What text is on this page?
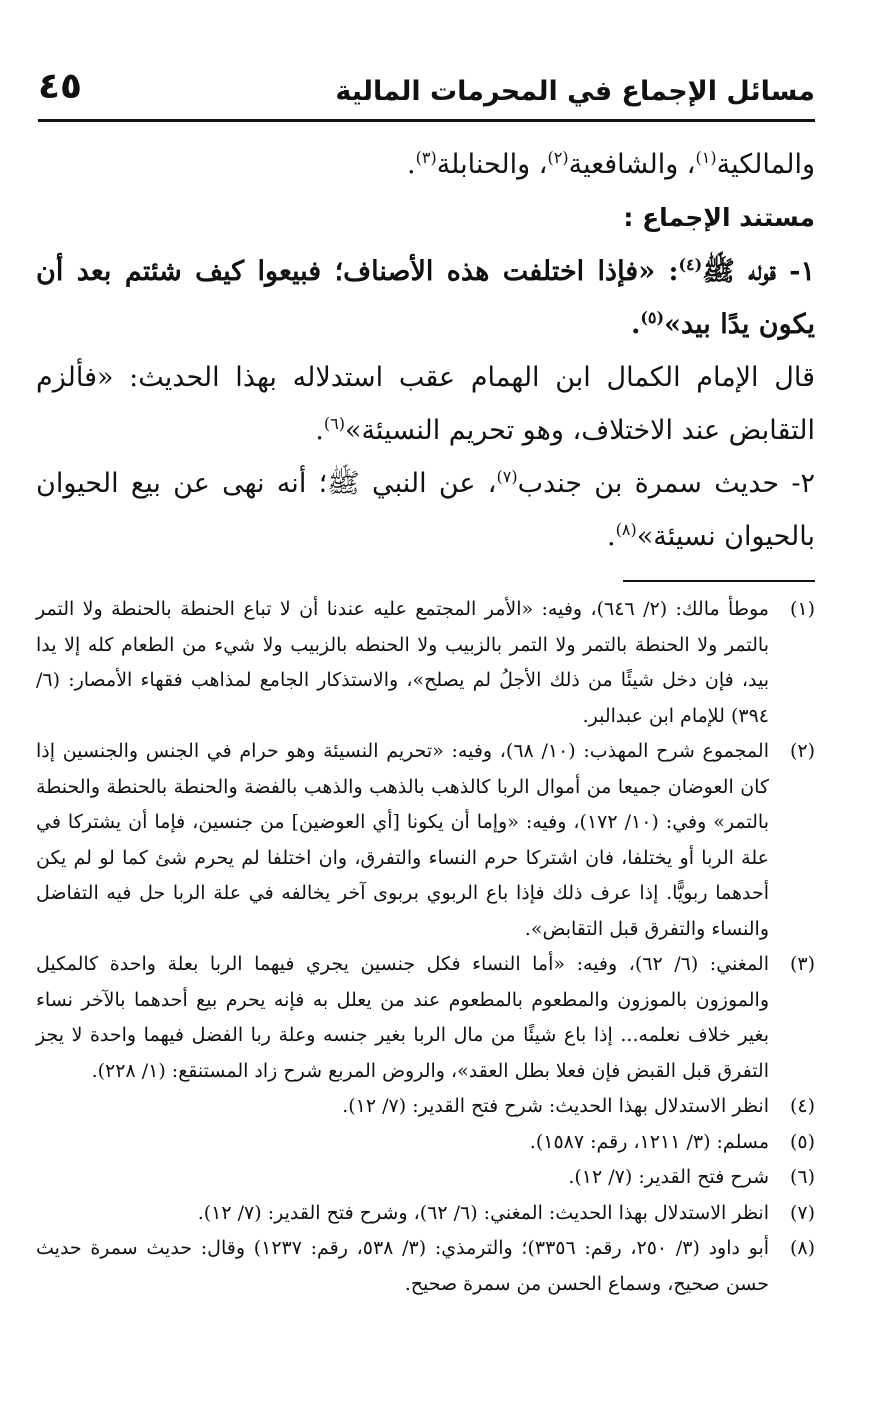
مسائل الإجماع في المحرمات المالية
٤٥

والمالكية$^{(١)}$، والشافعية$^{(٢)}$، والحنابلة$^{(٣)}$.

مستند الإجماع :

١- قوله ﷺ$^{(٤)}$: «فإذا اختلفت هذه الأصناف؛ فبيعوا كيف شئتم بعد أن يكون يدًا بيد»$^{(٥)}$.

قال الإمام الكمال ابن الهمام عقب استدلاله بهذا الحديث: «فألزم التقابض عند الاختلاف، وهو تحريم النسيئة»$^{(٦)}$.

٢- حديث سمرة بن جندب$^{(٧)}$، عن النبي ﷺ؛ أنه نهى عن بيع الحيوان بالحيوان نسيئة»$^{(٨)}$.

(١)
موطأ مالك: (٢/ ٦٤٦)، وفيه: «الأمر المجتمع عليه عندنا أن لا تباع الحنطة بالحنطة ولا التمر بالتمر ولا الحنطة بالتمر ولا التمر بالزبيب ولا الحنطه بالزبيب ولا شيء من الطعام كله إلا يدا بيد، فإن دخل شيئًا من ذلك الأجلُ لم يصلح»، والاستذكار الجامع لمذاهب فقهاء الأمصار: (٦/ ٣٩٤) للإمام ابن عبدالبر.
(٢)
المجموع شرح المهذب: (١٠/ ٦٨)، وفيه: «تحريم النسيئة وهو حرام في الجنس والجنسين إذا كان العوضان جميعا من أموال الربا كالذهب بالذهب والذهب بالفضة والحنطة بالحنطة والحنطة بالتمر» وفي: (١٠/ ١٧٢)، وفيه: «وإما أن يكونا [أي العوضين] من جنسين، فإما أن يشتركا في علة الربا أو يختلفا، فان اشتركا حرم النساء والتفرق، وان اختلفا لم يحرم شئ كما لو لم يكن أحدهما ربويًّا. إذا عرف ذلك فإذا باع الربوي بربوى آخر يخالفه في علة الربا حل فيه التفاضل والنساء والتفرق قبل التقابض».
(٣)
المغني: (٦/ ٦٢)، وفيه: «أما النساء فكل جنسين يجري فيهما الربا بعلة واحدة كالمكيل والموزون بالموزون والمطعوم بالمطعوم عند من يعلل به فإنه يحرم بيع أحدهما بالآخر نساء بغير خلاف نعلمه... إذا باع شيئًا من مال الربا بغير جنسه وعلة ربا الفضل فيهما واحدة لا يجز التفرق قبل القبض فإن فعلا بطل العقد»، والروض المربع شرح زاد المستنقع: (١/ ٢٢٨).
(٤)
انظر الاستدلال بهذا الحديث: شرح فتح القدير: (٧/ ١٢).
(٥)
مسلم: (٣/ ١٢١١، رقم: ١٥٨٧).
(٦)
شرح فتح القدير: (٧/ ١٢).
(٧)
انظر الاستدلال بهذا الحديث: المغني: (٦/ ٦٢)، وشرح فتح القدير: (٧/ ١٢).
(٨)
أبو داود (٣/ ٢٥٠، رقم: ٣٣٥٦)؛ والترمذي: (٣/ ٥٣٨، رقم: ١٢٣٧) وقال: حديث سمرة حديث حسن صحيح، وسماع الحسن من سمرة صحيح.
